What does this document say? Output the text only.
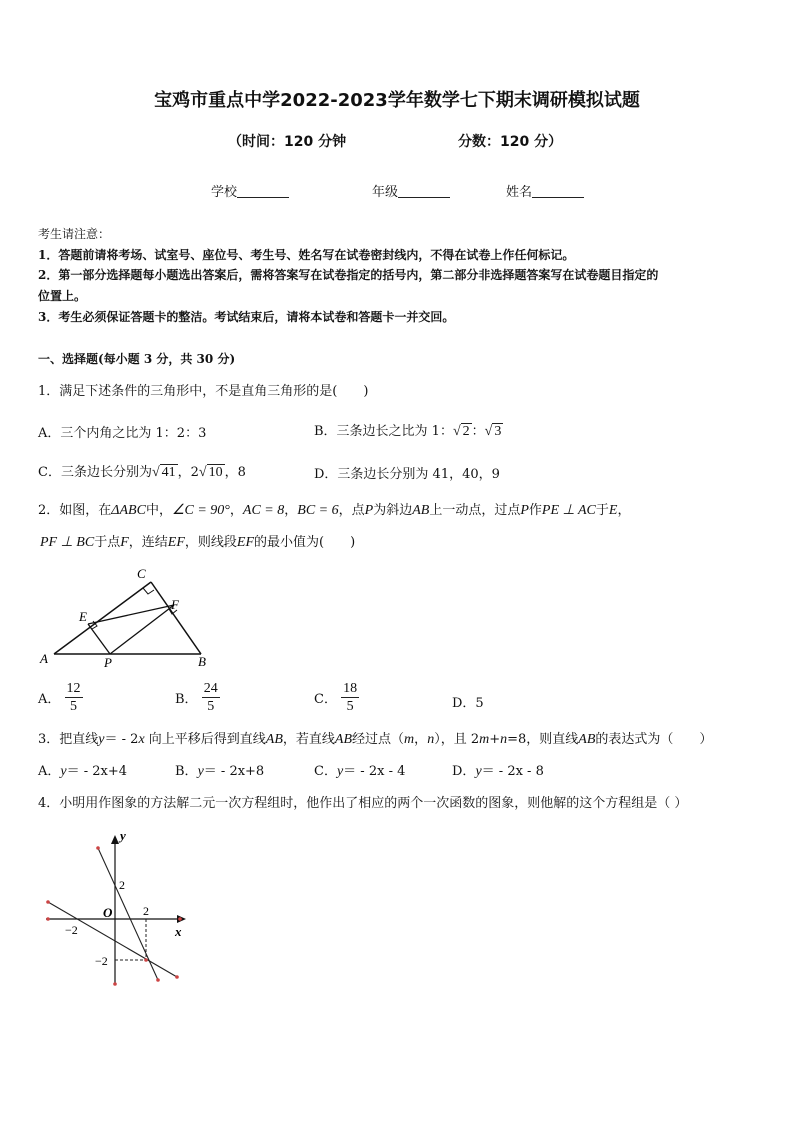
宝鸡市重点中学2022-2023学年数学七下期末调研模拟试题
（时间：120 分钟	分数：120 分）
学校	年级	姓名
考生请注意：
1．答题前请将考场、试室号、座位号、考生号、姓名写在试卷密封线内，不得在试卷上作任何标记。
2．第一部分选择题每小题选出答案后，需将答案写在试卷指定的括号内，第二部分非选择题答案写在试卷题目指定的
位置上。
3．考生必须保证答题卡的整洁。考试结束后，请将本试卷和答题卡一并交回。
一、选择题(每小题 3 分，共 30 分)
1．满足下述条件的三角形中，不是直角三角形的是(　　)
A．三个内角之比为 1：2：3	B．三条边长之比为 1：√ 2 ：√ 3
C．三条边长分别为√ 41 ，2√ 10 ，8	D．三条边长分别为 41，40，9
2．如图，在ΔABC中，∠C = 90°，AC = 8，BC = 6，点P为斜边AB上一动点，过点P作PE ⊥ AC于E，
PF ⊥ BC于点F，连结EF，则线段EF的最小值为(　　)
A	B
C
E
F
P
A． $\frac{12}{5}$	B． $\frac{24}{5}$	C． $\frac{18}{5}$	D．5
3．把直线y＝ - 2x 向上平移后得到直线AB，若直线AB经过点（m，n），且 2m+n=8，则直线AB的表达式为（　　）
A．y＝ - 2x+4	B．y＝ - 2x+8	C．y＝ - 2x - 4	D．y＝ - 2x - 8
4．小明用作图象的方法解二元一次方程组时，他作出了相应的两个一次函数的图象，则他解的这个方程组是（ ）
y
x
O
2
2
−2
−2
